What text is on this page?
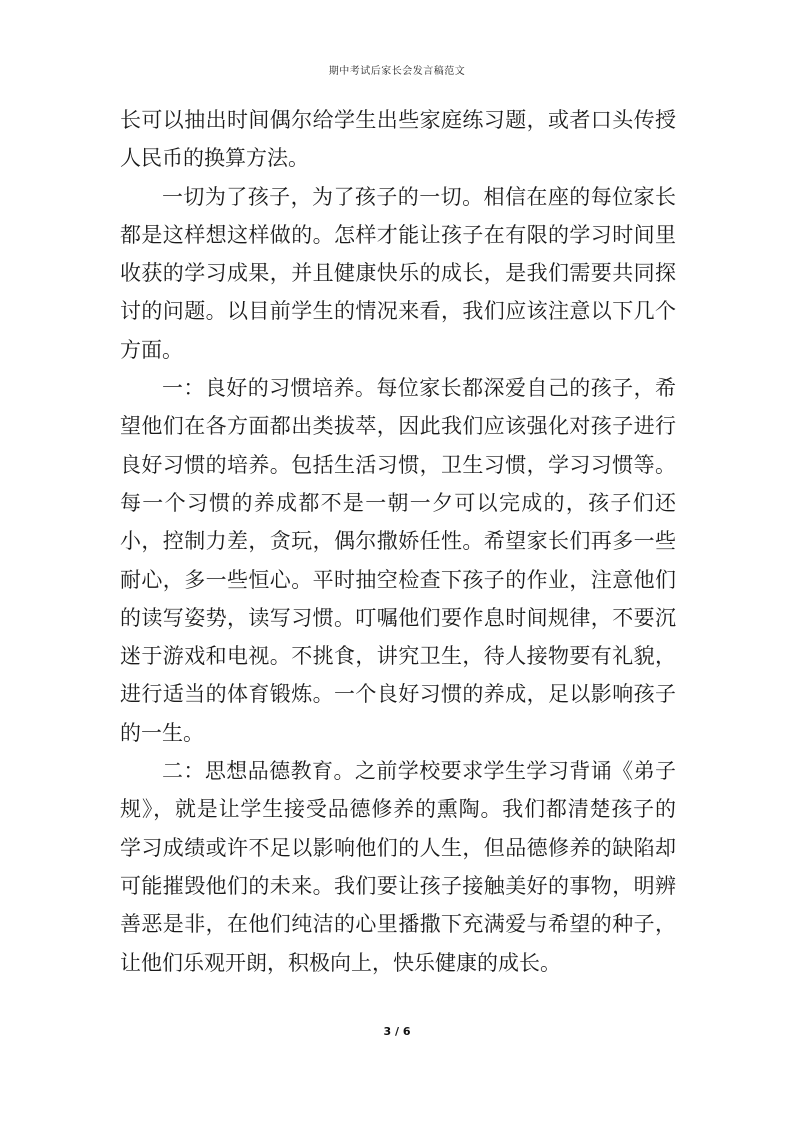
期中考试后家长会发言稿范文

长可以抽出时间偶尔给学生出些家庭练习题，或者口头传授人民币的换算方法。

一切为了孩子，为了孩子的一切。相信在座的每位家长都是这样想这样做的。怎样才能让孩子在有限的学习时间里收获的学习成果，并且健康快乐的成长，是我们需要共同探讨的问题。以目前学生的情况来看，我们应该注意以下几个方面。

一：良好的习惯培养。每位家长都深爱自己的孩子，希望他们在各方面都出类拔萃，因此我们应该强化对孩子进行良好习惯的培养。包括生活习惯，卫生习惯，学习习惯等。每一个习惯的养成都不是一朝一夕可以完成的，孩子们还小，控制力差，贪玩，偶尔撒娇任性。希望家长们再多一些耐心，多一些恒心。平时抽空检查下孩子的作业，注意他们的读写姿势，读写习惯。叮嘱他们要作息时间规律，不要沉迷于游戏和电视。不挑食，讲究卫生，待人接物要有礼貌，进行适当的体育锻炼。一个良好习惯的养成，足以影响孩子的一生。

二：思想品德教育。之前学校要求学生学习背诵《弟子规》，就是让学生接受品德修养的熏陶。我们都清楚孩子的学习成绩或许不足以影响他们的人生，但品德修养的缺陷却可能摧毁他们的未来。我们要让孩子接触美好的事物，明辨善恶是非，在他们纯洁的心里播撒下充满爱与希望的种子，让他们乐观开朗，积极向上，快乐健康的成长。

3 / 6
